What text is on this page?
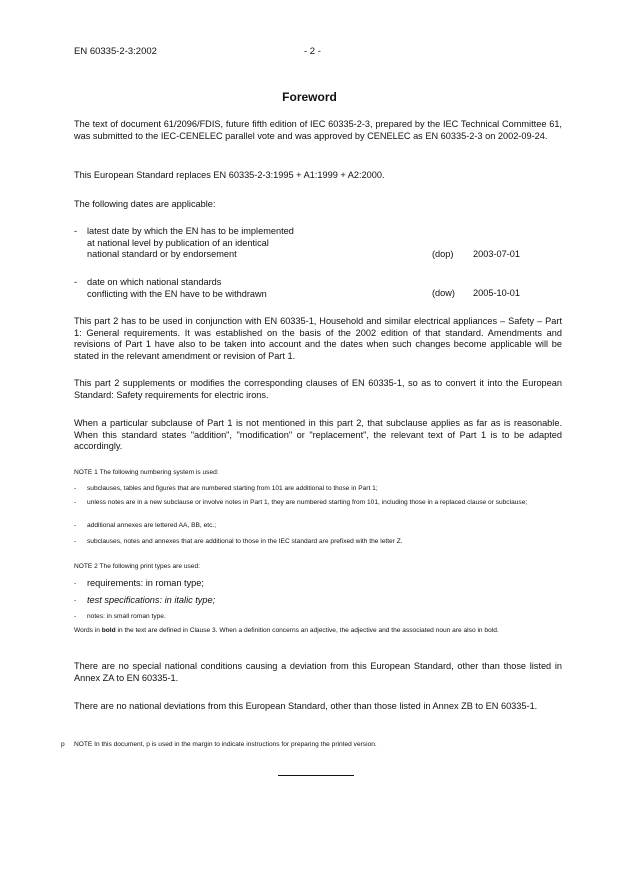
EN 60335-2-3:2002	- 2 -
Foreword

The text of document 61/2096/FDIS, future fifth edition of IEC 60335-2-3, prepared by the IEC Technical Committee 61, was submitted to the IEC-CENELEC parallel vote and was approved by CENELEC as EN 60335-2-3 on 2002-09-24.

This European Standard replaces EN 60335-2-3:1995 + A1:1999 + A2:2000.

The following dates are applicable:

- latest date by which the EN has to be implemented
at national level by publication of an identical
national standard or by endorsement	(dop) 2003-07-01
- date on which national standards
conflicting with the EN have to be withdrawn	(dow) 2005-10-01

This part 2 has to be used in conjunction with EN 60335-1, Household and similar electrical appliances – Safety – Part 1: General requirements. It was established on the basis of the 2002 edition of that standard. Amendments and revisions of Part 1 have also to be taken into account and the dates when such changes become applicable will be stated in the relevant amendment or revision of Part 1.

This part 2 supplements or modifies the corresponding clauses of EN 60335-1, so as to convert it into the European Standard: Safety requirements for electric irons.

When a particular subclause of Part 1 is not mentioned in this part 2, that subclause applies as far as is reasonable. When this standard states "addition", "modification" or "replacement", the relevant text of Part 1 is to be adapted accordingly.

NOTE 1 The following numbering system is used:
- subclauses, tables and figures that are numbered starting from 101 are additional to those in Part 1;
- unless notes are in a new subclause or involve notes in Part 1, they are numbered starting from 101, including those in a replaced clause or subclause;
- additional annexes are lettered AA, BB, etc.;
- subclauses, notes and annexes that are additional to those in the IEC standard are prefixed with the letter Z.
NOTE 2 The following print types are used:
- requirements: in roman type;
- test specifications: in italic type;
- notes: in small roman type.
Words in bold in the text are defined in Clause 3. When a definition concerns an adjective, the adjective and the associated noun are also in bold.

There are no special national conditions causing a deviation from this European Standard, other than those listed in Annex ZA to EN 60335-1.

There are no national deviations from this European Standard, other than those listed in Annex ZB to EN 60335-1.

p NOTE In this document, p is used in the margin to indicate instructions for preparing the printed version.
